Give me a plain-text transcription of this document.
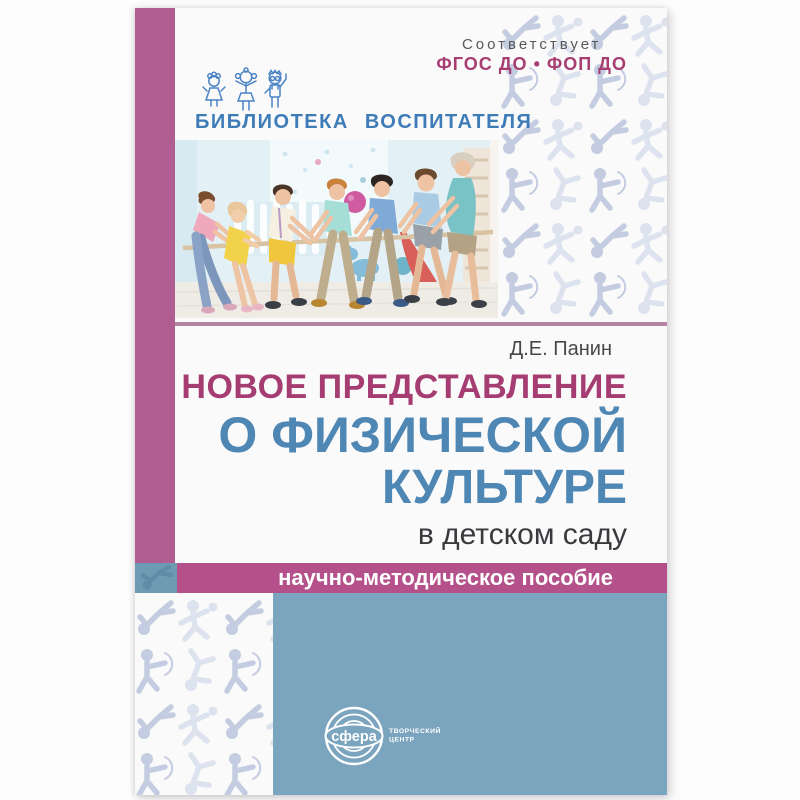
Соответствует
ФГОС ДО • ФОП ДО
БИБЛИОТЕКА ВОСПИТАТЕЛЯ
Д.Е. Панин
НОВОЕ ПРЕДСТАВЛЕНИЕ
О ФИЗИЧЕСКОЙ
КУЛЬТУРЕ
в детском саду
научно-методическое пособие
сфера ТВОРЧЕСКИЙ
ЦЕНТР
